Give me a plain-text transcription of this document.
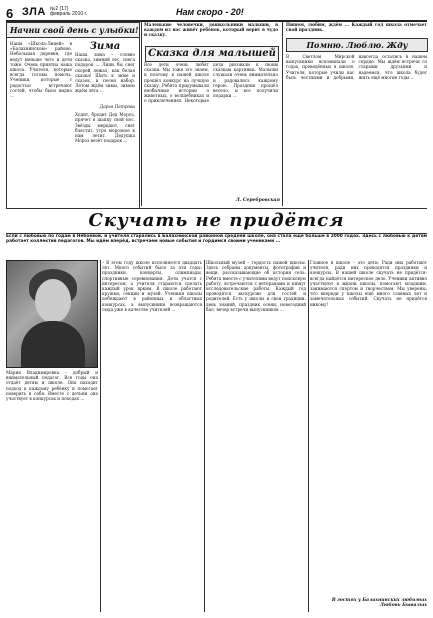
6 ЗЛА №2 (17)
февраль 2010 г.	Нам скоро - 20!
Начни свой день с улыбки!
Наша «Школа-Лицей» в «Балахнинском» районе. Небольшая деревня, где ведут меньше чего и дети тоже. Очень приятна наша школа. Учителя, которые всегда готовы помочь. Ученики, которые с радостью встречают гостей, чтобы было видно ...
Зима
Наша зима – словно сказка, зимний лес, снега подарок ... Лишь бы снег скорей лежал, как белая сказка! Шить к зиме и сказок, и песен набор. Летом ждём зимы, зимою ждём лета ...
Дарья Петрова
Ходит, бродит Дед Мороз, прячет в шапку свой нос. Звёзды мерцают, снег блестит, утро морозное к нам летит. Дедушка Мороз везёт подарок ...
Маленькие человечки, дошкольники малыши, в каждом из нас живёт ребёнок, который верит в чудо и сказку.
Сказка для малышей
Все дети очень любят сказки. Мы тоже это знаем, и поэтому в нашей школе прошёл конкурс на лучшую сказку. Ребята придумывали необычные истории о животных, о волшебниках и о приключениях. Некоторые дети рисовали к своим сказкам картинки. Малыши слушали очень внимательно и радовались каждому герою. Праздник прошёл весело, и все получили подарки ...
Л. Серебровская
Пишем, любим, ждём ... Каждый год школа отмечает свой праздник.
Помню. Люблю. Жду
В Светлом Мирской выпускники вспоминали о годах, проведённых в школе. Учителя, которые учили нас быть честными и добрыми, навсегда остались в нашем сердце. Мы ждём встречи со старыми друзьями и надеемся, что школа будет жить ещё многие годы ...
Скучать не придётся
Если с любовью по годам в Небоевой, и учителя старались в Балахнинской районной средней школе, она стала ещё больше в 2000 годах. Здесь с любовью к детям работает коллектив педагогов. Мы идём вперёд, встречаем новые события и гордимся своими учениками ...
Мария Владимировна – добрый и внимательный педагог. Все годы она отдаёт детям и школе. Она находит подход к каждому ребёнку и помогает поверить в себя. Вместе с детьми она участвует в конкурсах и походах ...
– В этом году школе исполняется двадцать лет. Много событий было за эти годы: праздники, концерты, олимпиады, спортивные соревнования. Дети учатся с интересом, а учителя стараются сделать каждый урок ярким. В школе работают кружки, секции и музей. Ученики школы побеждают в районных и областных конкурсах, а выпускники возвращаются сюда уже в качестве учителей ...
Школьный музей – гордость нашей школы. Здесь собраны документы, фотографии и вещи, рассказывающие об истории села. Ребята вместе с учителями ведут поисковую работу, встречаются с ветеранами и пишут исследовательские работы. Каждый год проводятся экскурсии для гостей и родителей. Есть у школы и свои традиции: день знаний, праздник осени, новогодний бал, вечер встречи выпускников ...
Главное в школе – это дети. Ради них работают учителя, ради них проводятся праздники и конкурсы. В нашей школе скучать не придётся: всегда найдётся интересное дело. Ученики активно участвуют в жизни школы, помогают младшим, занимаются спортом и творчеством. Мы уверены, что впереди у школы ещё много славных лет и замечательных событий. Скучать не придётся никому!
В гостях у Балахнинских любимых Любовь Бывалых
